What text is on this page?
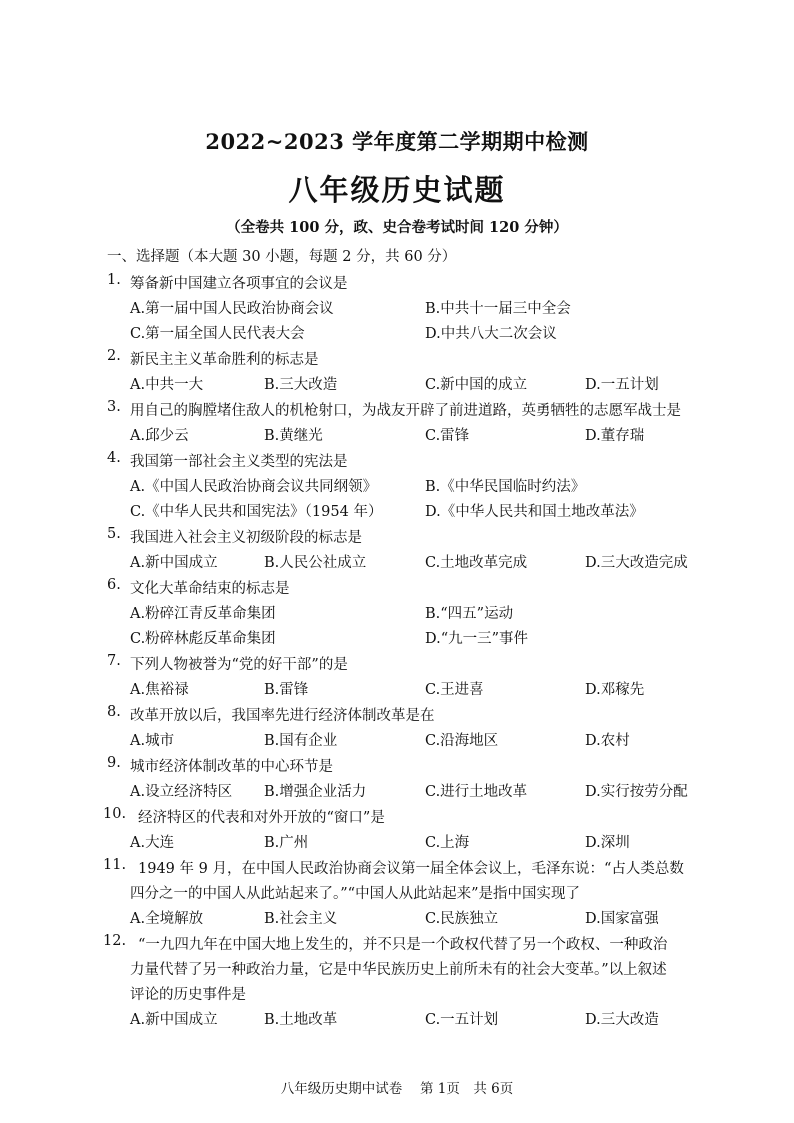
2022~2023 学年度第二学期期中检测
八年级历史试题
（全卷共 100 分，政、史合卷考试时间 120 分钟）
一、选择题（本大题 30 小题，每题 2 分，共 60 分）
1. 筹备新中国建立各项事宜的会议是
A.第一届中国人民政治协商会议	B.中共十一届三中全会
C.第一届全国人民代表大会	D.中共八大二次会议
2. 新民主主义革命胜利的标志是
A.中共一大	B.三大改造	C.新中国的成立	D.一五计划
3. 用自己的胸膛堵住敌人的机枪射口，为战友开辟了前进道路，英勇牺牲的志愿军战士是
A.邱少云	B.黄继光	C.雷锋	D.董存瑞
4. 我国第一部社会主义类型的宪法是
A.《中国人民政治协商会议共同纲领》	B.《中华民国临时约法》
C.《中华人民共和国宪法》（1954 年）	D.《中华人民共和国土地改革法》
5. 我国进入社会主义初级阶段的标志是
A.新中国成立	B.人民公社成立	C.土地改革完成	D.三大改造完成
6. 文化大革命结束的标志是
A.粉碎江青反革命集团	B.“四五”运动
C.粉碎林彪反革命集团	D.“九一三”事件
7. 下列人物被誉为“党的好干部”的是
A.焦裕禄	B.雷锋	C.王进喜	D.邓稼先
8. 改革开放以后，我国率先进行经济体制改革是在
A.城市	B.国有企业	C.沿海地区	D.农村
9. 城市经济体制改革的中心环节是
A.设立经济特区 B.增强企业活力	C.进行土地改革	D.实行按劳分配
10. 经济特区的代表和对外开放的“窗口”是
A.大连	B.广州	C.上海	D.深圳
11. 1949 年 9 月，在中国人民政治协商会议第一届全体会议上，毛泽东说：“占人类总数
四分之一的中国人从此站起来了。”“中国人从此站起来”是指中国实现了
A.全境解放	B.社会主义	C.民族独立	D.国家富强
12. “一九四九年在中国大地上发生的，并不只是一个政权代替了另一个政权、一种政治
力量代替了另一种政治力量，它是中华民族历史上前所未有的社会大变革。”以上叙述
评论的历史事件是
A.新中国成立	B.土地改革	C.一五计划	D.三大改造
八年级历史期中试卷　 第 1页　共 6页
